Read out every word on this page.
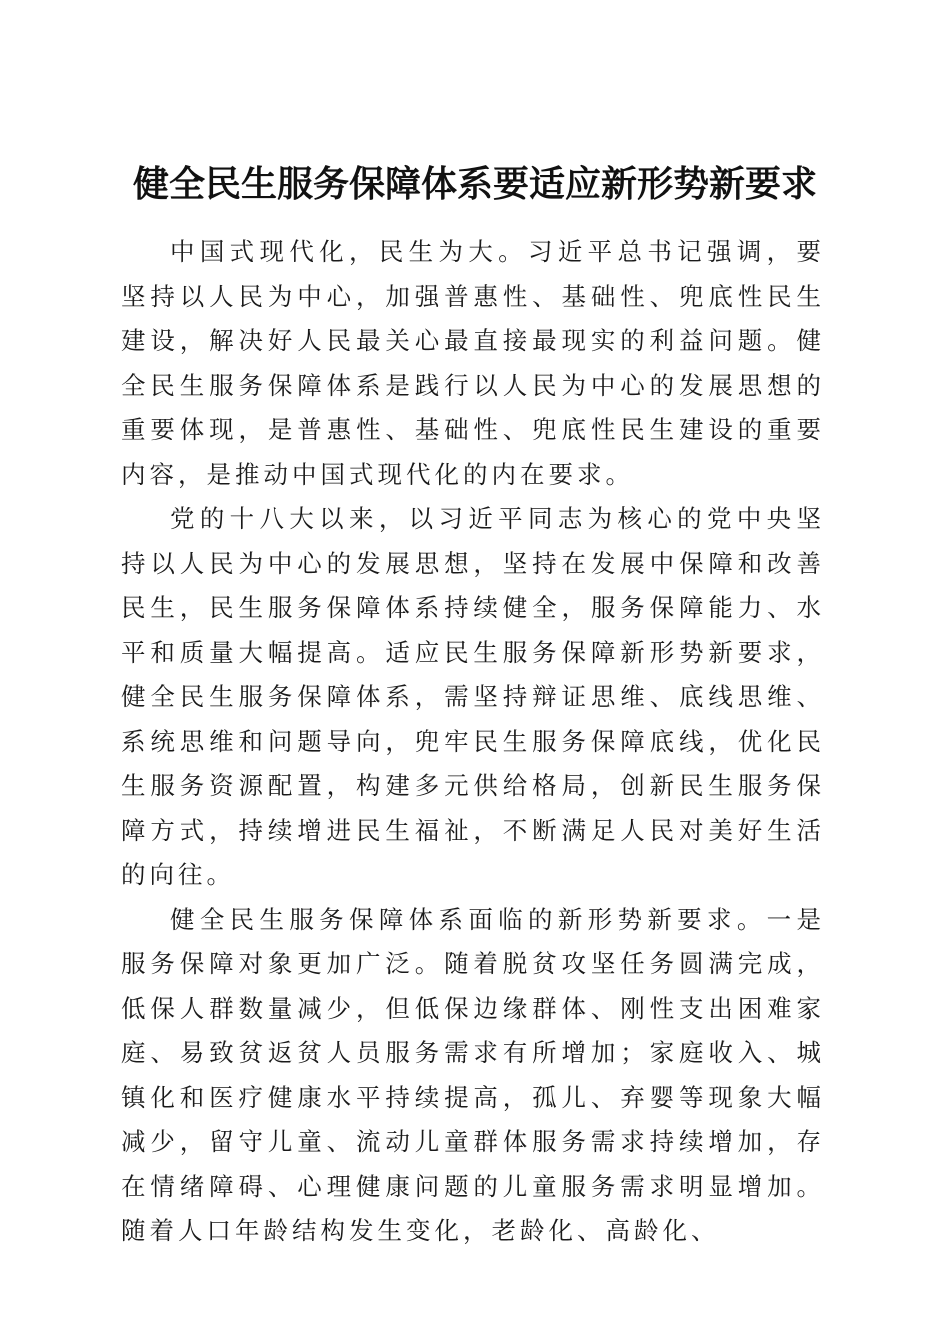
健全民生服务保障体系要适应新形势新要求

中国式现代化，民生为大。习近平总书记强调，要坚持以人民为中心，加强普惠性、基础性、兜底性民生建设，解决好人民最关心最直接最现实的利益问题。健全民生服务保障体系是践行以人民为中心的发展思想的重要体现，是普惠性、基础性、兜底性民生建设的重要内容，是推动中国式现代化的内在要求。

党的十八大以来，以习近平同志为核心的党中央坚持以人民为中心的发展思想，坚持在发展中保障和改善民生，民生服务保障体系持续健全，服务保障能力、水平和质量大幅提高。适应民生服务保障新形势新要求，健全民生服务保障体系，需坚持辩证思维、底线思维、系统思维和问题导向，兜牢民生服务保障底线，优化民生服务资源配置，构建多元供给格局，创新民生服务保障方式，持续增进民生福祉，不断满足人民对美好生活的向往。

健全民生服务保障体系面临的新形势新要求。一是服务保障对象更加广泛。随着脱贫攻坚任务圆满完成，低保人群数量减少，但低保边缘群体、刚性支出困难家庭、易致贫返贫人员服务需求有所增加；家庭收入、城镇化和医疗健康水平持续提高，孤儿、弃婴等现象大幅减少，留守儿童、流动儿童群体服务需求持续增加，存在情绪障碍、心理健康问题的儿童服务需求明显增加。随着人口年龄结构发生变化，老龄化、高龄化、
